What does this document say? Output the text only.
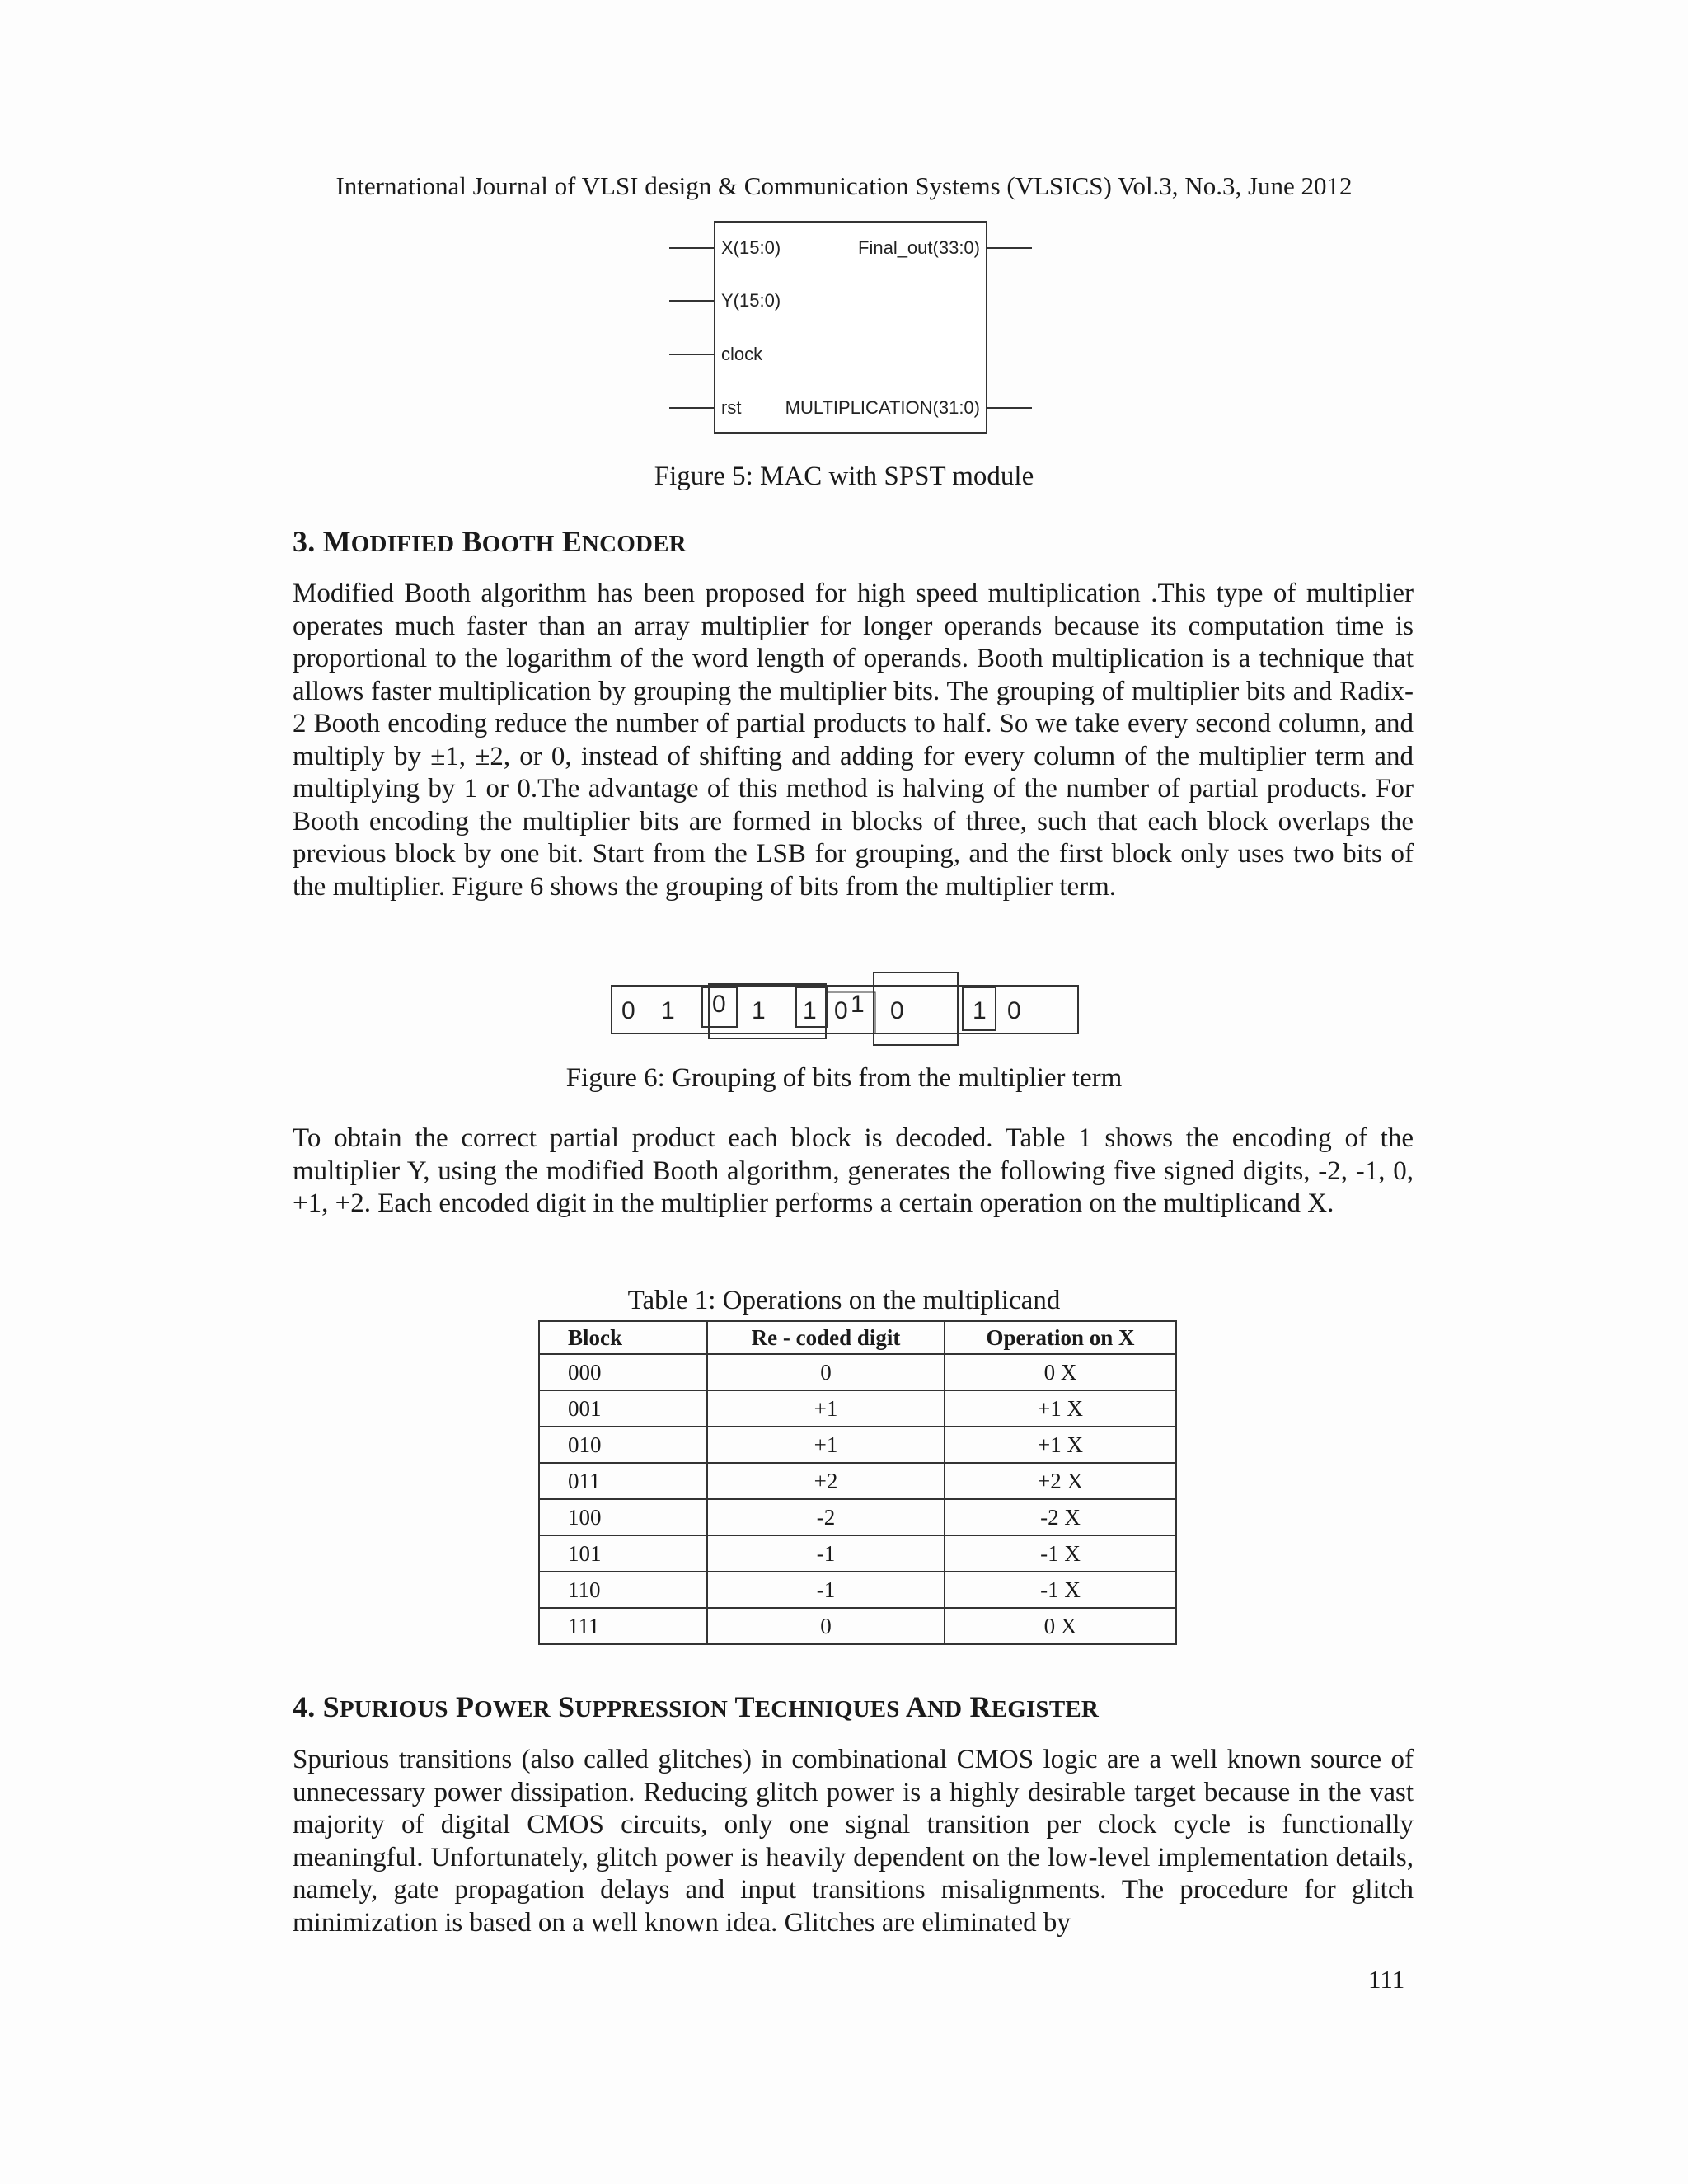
International Journal of VLSI design & Communication Systems (VLSICS) Vol.3, No.3, June 2012
X(15:0)
Y(15:0)
clock
rst
Final_out(33:0)
MULTIPLICATION(31:0)
Figure 5: MAC with SPST module
3. MODIFIED BOOTH ENCODER
Modified Booth algorithm has been proposed for high speed multiplication .This type of multiplier operates much faster than an array multiplier for longer operands because its computation time is proportional to the logarithm of the word length of operands. Booth multiplication is a technique that allows faster multiplication by grouping the multiplier bits. The grouping of multiplier bits and Radix-2 Booth encoding reduce the number of partial products to half. So we take every second column, and multiply by ±1, ±2, or 0, instead of shifting and adding for every column of the multiplier term and multiplying by 1 or 0.The advantage of this method is halving of the number of partial products. For Booth encoding the multiplier bits are formed in blocks of three, such that each block overlaps the previous block by one bit. Start from the LSB for grouping, and the first block only uses two bits of the multiplier. Figure 6 shows the grouping of bits from the multiplier term.
0 1 0 1 1 0 1 0	1 0
Figure 6: Grouping of bits from the multiplier term
To obtain the correct partial product each block is decoded. Table 1 shows the encoding of the multiplier Y, using the modified Booth algorithm, generates the following five signed digits, -2, -1, 0, +1, +2. Each encoded digit in the multiplier performs a certain operation on the multiplicand X.
Table 1: Operations on the multiplicand
Block	Re - coded digit	Operation on X
000	0	0 X
001	+1	+1 X
010	+1	+1 X
011	+2	+2 X
100	-2	-2 X
101	-1	-1 X
110	-1	-1 X
111	0	0 X
4. SPURIOUS POWER SUPPRESSION TECHNIQUES AND REGISTER
Spurious transitions (also called glitches) in combinational CMOS logic are a well known source of unnecessary power dissipation. Reducing glitch power is a highly desirable target because in the vast majority of digital CMOS circuits, only one signal transition per clock cycle is functionally meaningful. Unfortunately, glitch power is heavily dependent on the low-level implementation details, namely, gate propagation delays and input transitions misalignments. The procedure for glitch minimization is based on a well known idea. Glitches are eliminated by
111
